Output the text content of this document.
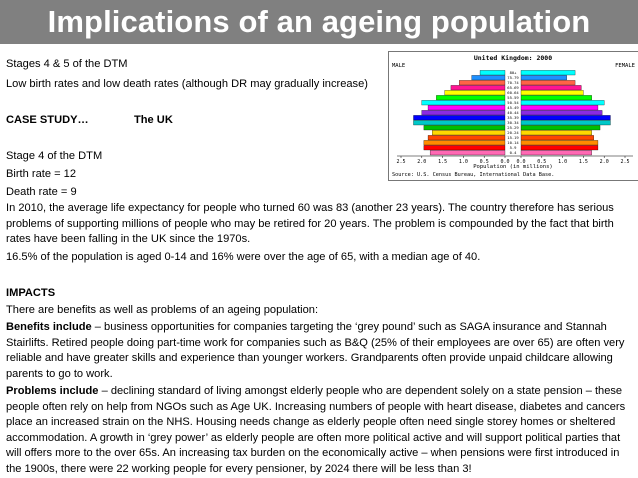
Implications of an ageing population
Stages 4 & 5 of the DTM
Low birth rates and low death rates (although DR may gradually increase)
CASE STUDY…	The UK
Stage 4 of the DTM
Birth rate = 12
Death rate = 9
In 2010, the average life expectancy for people who turned 60 was 83 (another 23 years). The country therefore has serious problems of supporting millions of people who may be retired for 20 years. The problem is compounded by the fact that birth rates have been falling in the UK since the 1970s.
16.5% of the population is aged 0-14 and 16% were over the age of 65, with a median age of 40.
IMPACTS
There are benefits as well as problems of an ageing population:
Benefits include – business opportunities for companies targeting the ‘grey pound’ such as SAGA insurance and Stannah Stairlifts. Retired people doing part-time work for companies such as B&Q (25% of their employees are over 65) are often very reliable and have greater skills and experience than younger workers. Grandparents often provide unpaid childcare allowing parents to go to work.
Problems include – declining standard of living amongst elderly people who are dependent solely on a state pension – these people often rely on help from NGOs such as Age UK. Increasing numbers of people with heart disease, diabetes and cancers place an increased strain on the NHS. Housing needs change as elderly people often need single storey homes or sheltered accommodation. A growth in ‘grey power’ as elderly people are often more political active and will support political parties that will offers more to the over 65s. An increasing tax burden on the economically active – when pensions were first introduced in the 1900s, there were 22 working people for every pensioner, by 2024 there will be less than 3!
United Kingdom: 2000
MALE	FEMALE
0-4
5-9
10-14
15-19
20-24
25-29
30-34
35-39
40-44
45-49
50-54
55-59
60-64
65-69
70-74
75-79
80+
2.5 2.0 1.5 1.0 0.5 0.0 0.0 0.5 1.0 1.5 2.0 2.5
Population (in millions)
Source: U.S. Census Bureau, International Data Base.
